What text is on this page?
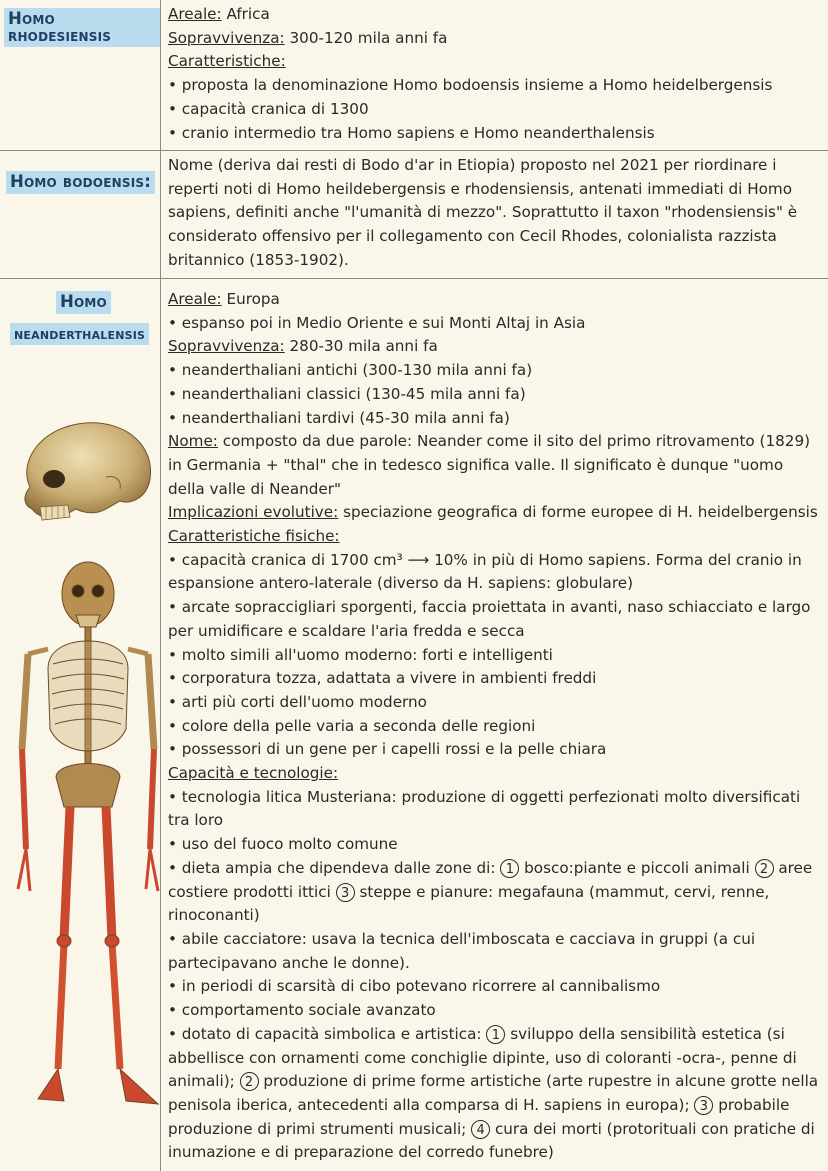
Homo rhodesiensis
Areale: Africa
Sopravvivenza: 300-120 mila anni fa
Caratteristiche:
• proposta la denominazione Homo bodoensis insieme a Homo heidelbergensis
• capacità cranica di 1300
• cranio intermedio tra Homo sapiens e Homo neanderthalensis
Homo bodoensis:
Nome (deriva dai resti di Bodo d'ar in Etiopia) proposto nel 2021 per riordinare i reperti noti di Homo heildebergensis e rhodensiensis, antenati immediati di Homo sapiens, definiti anche "l'umanità di mezzo". Soprattutto il taxon "rhodensiensis" è considerato offensivo per il collegamento con Cecil Rhodes, colonialista razzista britannico (1853-1902).
Homo
neanderthalensis
Areale: Europa
• espanso poi in Medio Oriente e sui Monti Altaj in Asia
Sopravvivenza: 280-30 mila anni fa
• neanderthaliani antichi (300-130 mila anni fa)
• neanderthaliani classici (130-45 mila anni fa)
• neanderthaliani tardivi (45-30 mila anni fa)
Nome: composto da due parole: Neander come il sito del primo ritrovamento (1829) in Germania + "thal" che in tedesco significa valle. Il significato è dunque "uomo della valle di Neander"
Implicazioni evolutive: speciazione geografica di forme europee di H. heidelbergensis
Caratteristiche fisiche:
• capacità cranica di 1700 cm³ ⟶ 10% in più di Homo sapiens. Forma del cranio in espansione antero-laterale (diverso da H. sapiens: globulare)
• arcate sopraccigliari sporgenti, faccia proiettata in avanti, naso schiacciato e largo per umidificare e scaldare l'aria fredda e secca
• molto simili all'uomo moderno: forti e intelligenti
• corporatura tozza, adattata a vivere in ambienti freddi
• arti più corti dell'uomo moderno
• colore della pelle varia a seconda delle regioni
• possessori di un gene per i capelli rossi e la pelle chiara
Capacità e tecnologie:
• tecnologia litica Musteriana: produzione di oggetti perfezionati molto diversificati tra loro
• uso del fuoco molto comune
• dieta ampia che dipendeva dalle zone di: 1 bosco:piante e piccoli animali 2 aree costiere prodotti ittici 3 steppe e pianure: megafauna (mammut, cervi, renne, rinoconanti)
• abile cacciatore: usava la tecnica dell'imboscata e cacciava in gruppi (a cui partecipavano anche le donne).
• in periodi di scarsità di cibo potevano ricorrere al cannibalismo
• comportamento sociale avanzato
• dotato di capacità simbolica e artistica: 1 sviluppo della sensibilità estetica (si abbellisce con ornamenti come conchiglie dipinte, uso di coloranti -ocra-, penne di animali); 2 produzione di prime forme artistiche (arte rupestre in alcune grotte nella penisola iberica, antecedenti alla comparsa di H. sapiens in europa); 3 probabile produzione di primi strumenti musicali; 4 cura dei morti (protorituali con pratiche di inumazione e di preparazione del corredo funebre)
